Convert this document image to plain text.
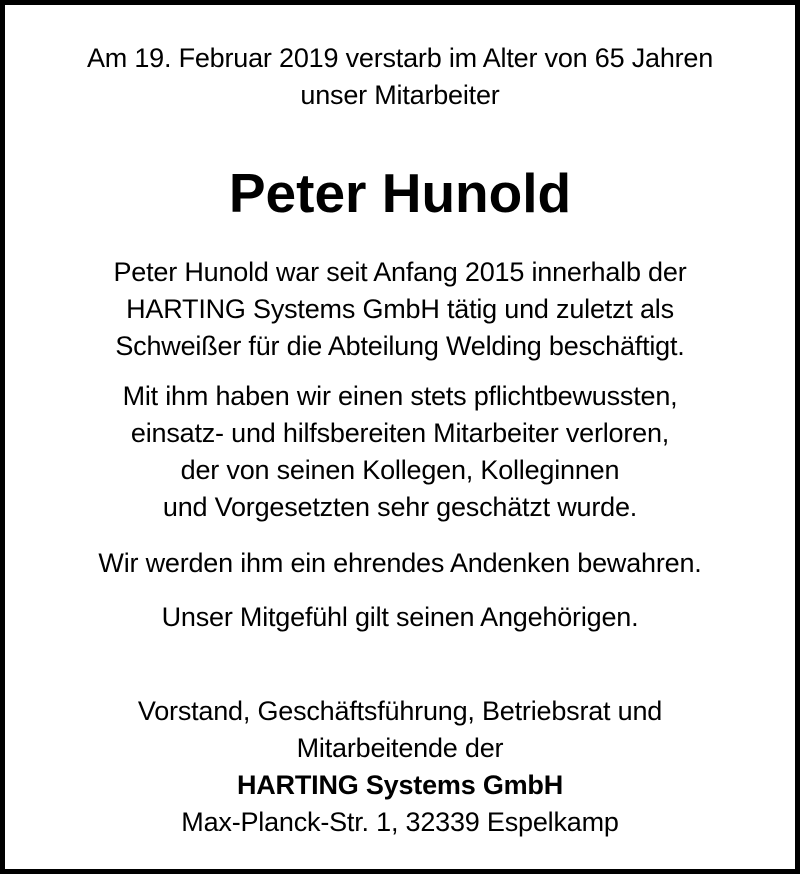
Am 19. Februar 2019 verstarb im Alter von 65 Jahren
unser Mitarbeiter
Peter Hunold
Peter Hunold war seit Anfang 2015 innerhalb der
HARTING Systems GmbH tätig und zuletzt als
Schweißer für die Abteilung Welding beschäftigt.
Mit ihm haben wir einen stets pflichtbewussten,
einsatz- und hilfsbereiten Mitarbeiter verloren,
der von seinen Kollegen, Kolleginnen
und Vorgesetzten sehr geschätzt wurde.
Wir werden ihm ein ehrendes Andenken bewahren.
Unser Mitgefühl gilt seinen Angehörigen.
Vorstand, Geschäftsführung, Betriebsrat und
Mitarbeitende der
HARTING Systems GmbH
Max-Planck-Str. 1, 32339 Espelkamp
